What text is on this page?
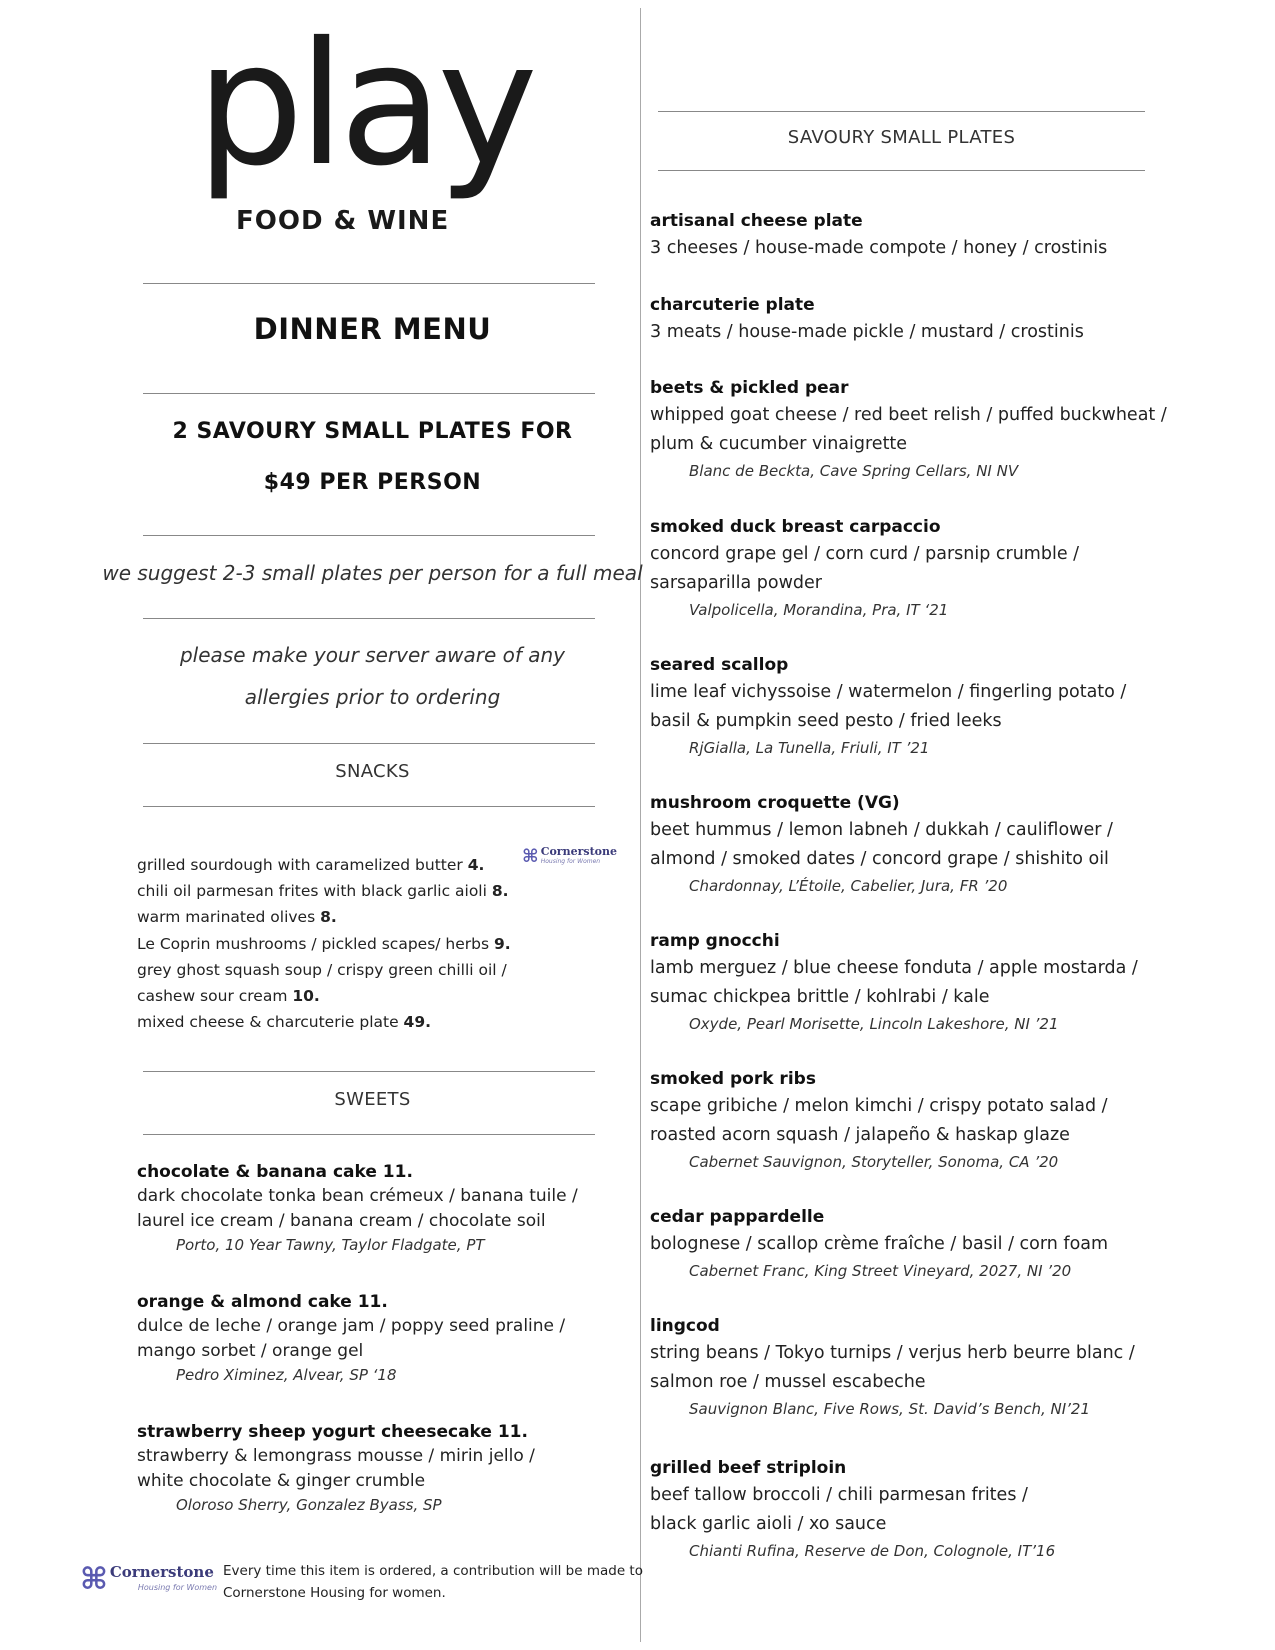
play
FOOD & WINE
DINNER MENU
2 SAVOURY SMALL PLATES FOR
$49 PER PERSON
we suggest 2-3 small plates per person for a full meal
please make your server aware of any
allergies prior to ordering
SNACKS
grilled sourdough with caramelized butter 4.
chili oil parmesan frites with black garlic aioli 8.
warm marinated olives 8.
Le Coprin mushrooms / pickled scapes/ herbs 9.
grey ghost squash soup / crispy green chilli oil /
cashew sour cream 10.
mixed cheese & charcuterie plate 49.
⌘ Cornerstone
Housing for Women
SWEETS
chocolate & banana cake 11.
dark chocolate tonka bean crémeux / banana tuile /
laurel ice cream / banana cream / chocolate soil
Porto, 10 Year Tawny, Taylor Fladgate, PT
orange & almond cake 11.
dulce de leche / orange jam / poppy seed praline /
mango sorbet / orange gel
Pedro Ximinez, Alvear, SP ‘18
strawberry sheep yogurt cheesecake 11.
strawberry & lemongrass mousse / mirin jello /
white chocolate & ginger crumble
Oloroso Sherry, Gonzalez Byass, SP
⌘ Cornerstone
Housing for Women
Every time this item is ordered, a contribution will be made to
Cornerstone Housing for women.
SAVOURY SMALL PLATES
artisanal cheese plate
3 cheeses / house-made compote / honey / crostinis
charcuterie plate
3 meats / house-made pickle / mustard / crostinis
beets & pickled pear
whipped goat cheese / red beet relish / puffed buckwheat /
plum & cucumber vinaigrette
Blanc de Beckta, Cave Spring Cellars, NI NV
smoked duck breast carpaccio
concord grape gel / corn curd / parsnip crumble /
sarsaparilla powder
Valpolicella, Morandina, Pra, IT ‘21
seared scallop
lime leaf vichyssoise / watermelon / fingerling potato /
basil & pumpkin seed pesto / fried leeks
RjGialla, La Tunella, Friuli, IT ’21
mushroom croquette (VG)
beet hummus / lemon labneh / dukkah / cauliflower /
almond / smoked dates / concord grape / shishito oil
Chardonnay, L’Étoile, Cabelier, Jura, FR ’20
ramp gnocchi
lamb merguez / blue cheese fonduta / apple mostarda /
sumac chickpea brittle / kohlrabi / kale
Oxyde, Pearl Morisette, Lincoln Lakeshore, NI ’21
smoked pork ribs
scape gribiche / melon kimchi / crispy potato salad /
roasted acorn squash / jalapeño & haskap glaze
Cabernet Sauvignon, Storyteller, Sonoma, CA ’20
cedar pappardelle
bolognese / scallop crème fraîche / basil / corn foam
Cabernet Franc, King Street Vineyard, 2027, NI ’20
lingcod
string beans / Tokyo turnips / verjus herb beurre blanc /
salmon roe / mussel escabeche
Sauvignon Blanc, Five Rows, St. David’s Bench, NI’21
grilled beef striploin
beef tallow broccoli / chili parmesan frites /
black garlic aioli / xo sauce
Chianti Rufina, Reserve de Don, Colognole, IT’16
